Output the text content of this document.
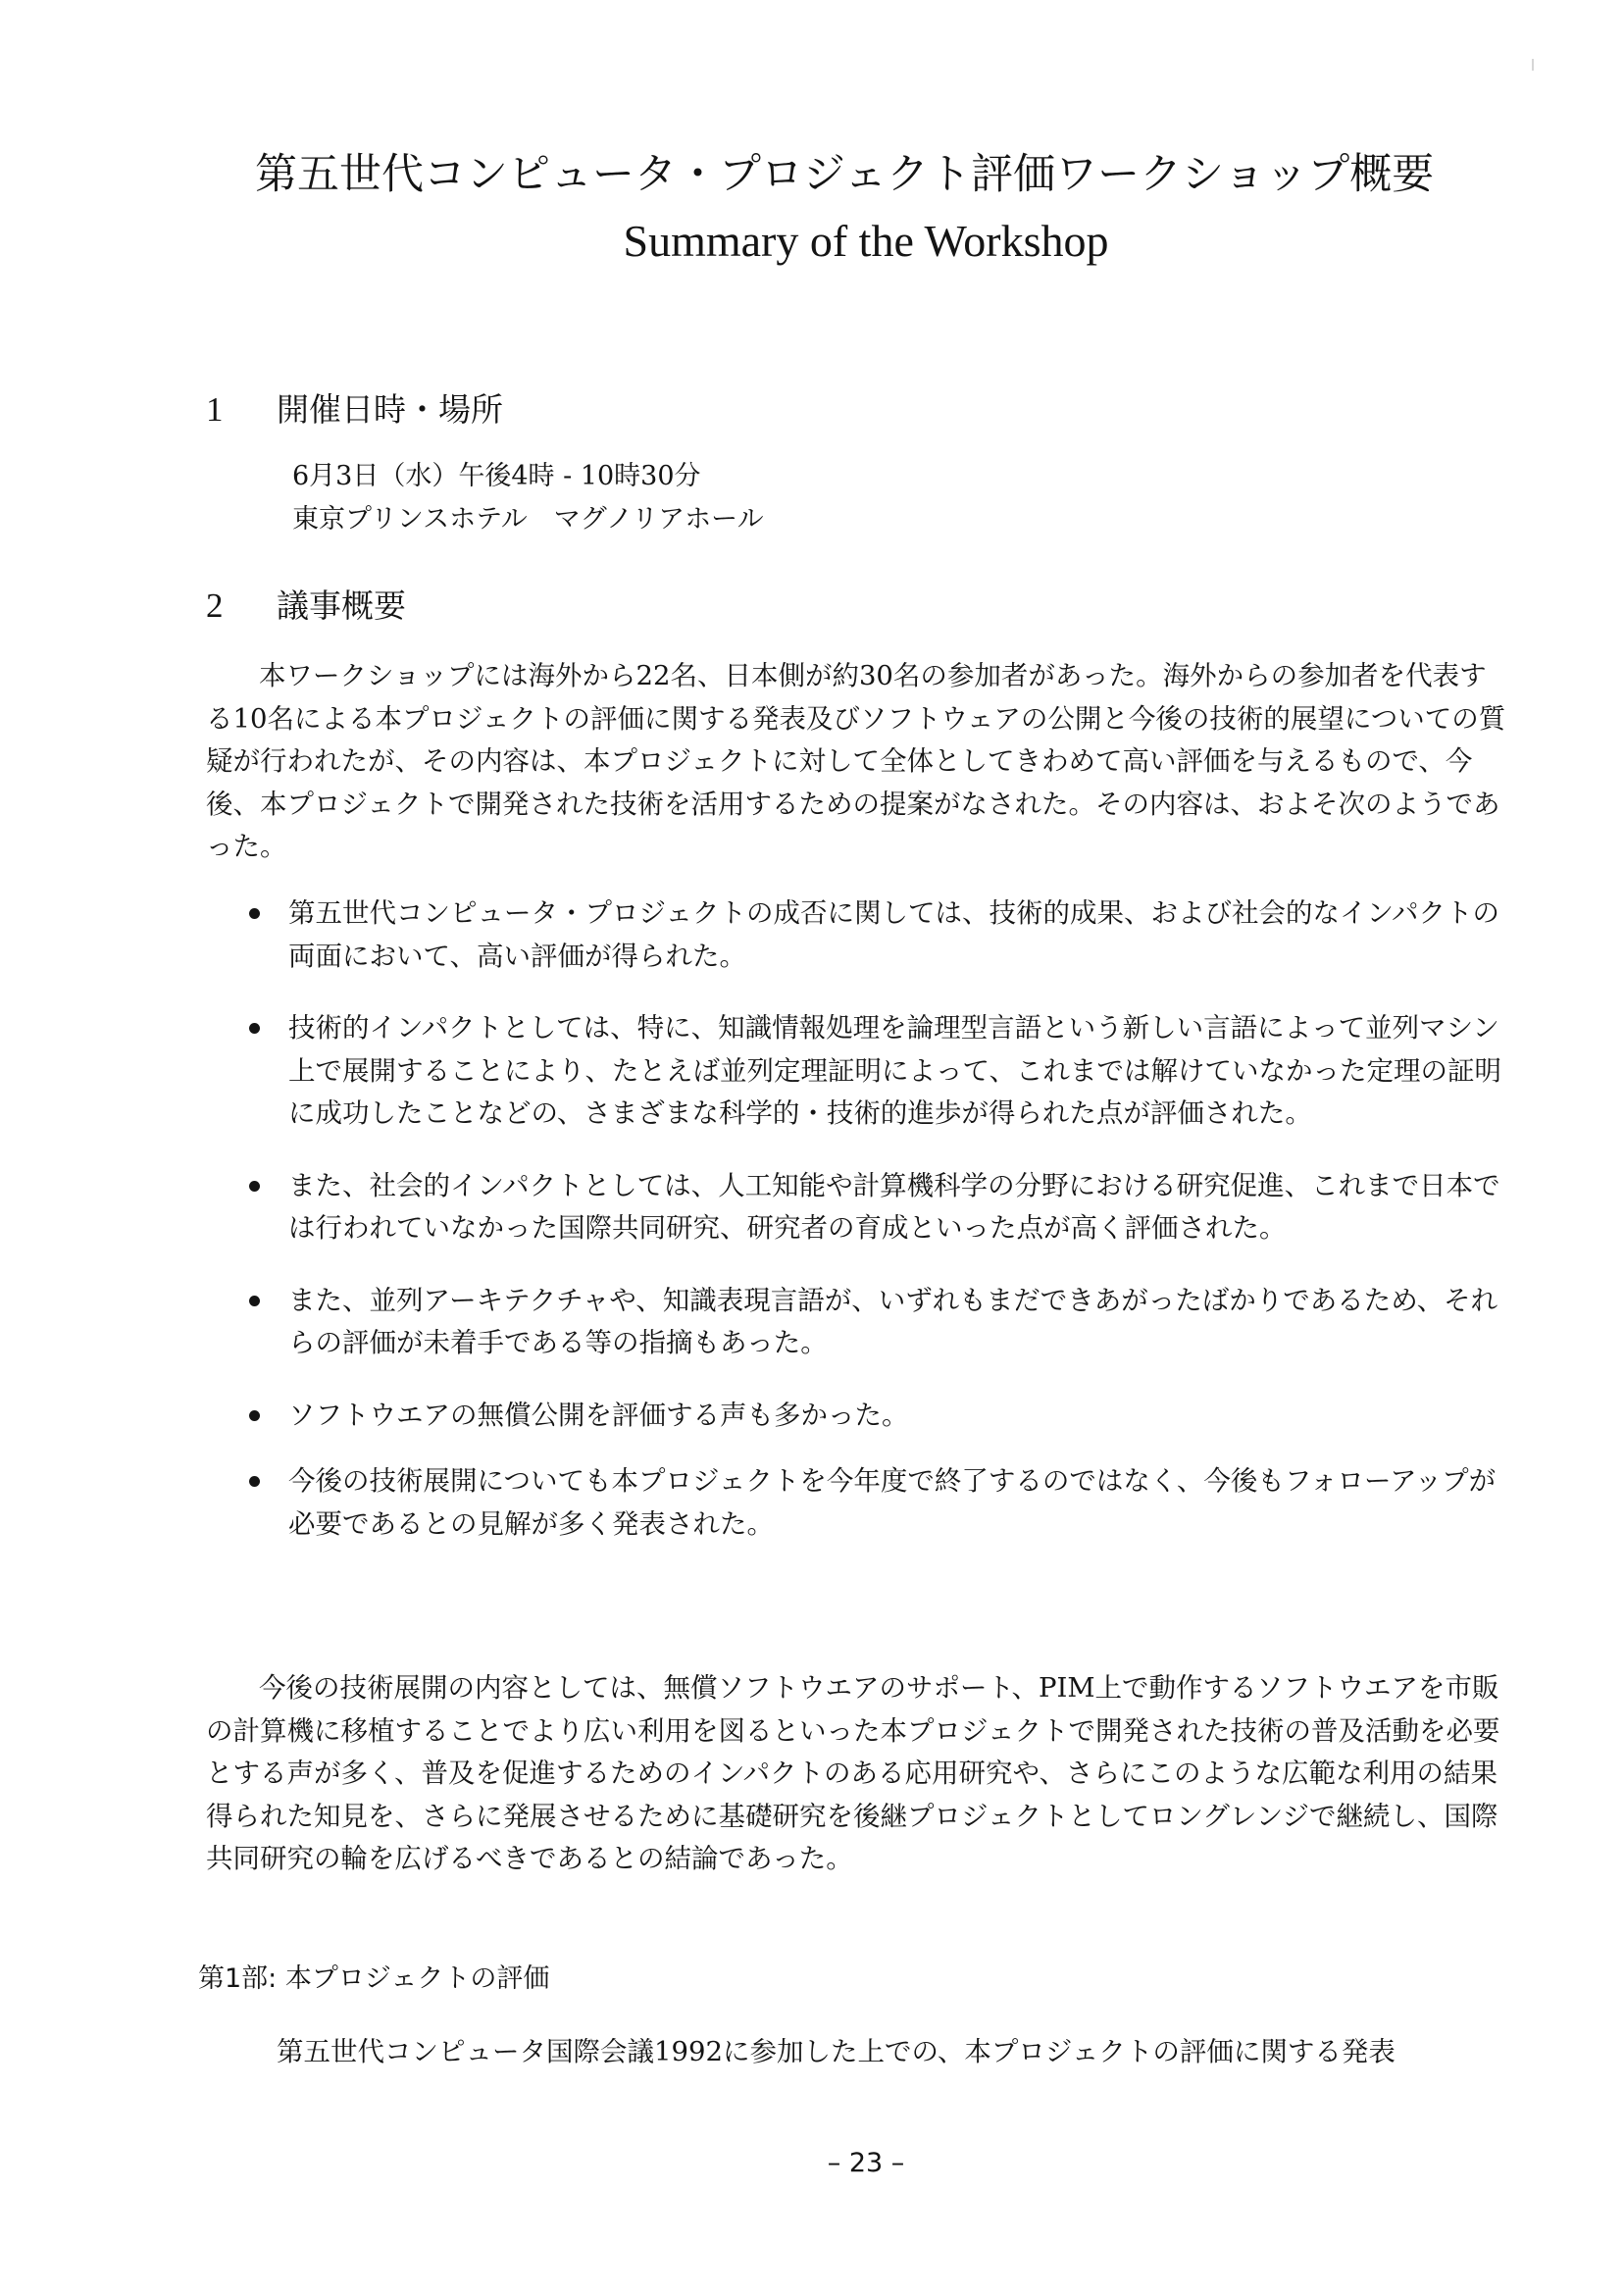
第五世代コンピュータ・プロジェクト評価ワークショップ概要
Summary of the Workshop
1 開催日時・場所
6月3日（水）午後4時 - 10時30分
東京プリンスホテル　マグノリアホール
2 議事概要

本ワークショップには海外から22名、日本側が約30名の参加者があった。海外からの参加者を代表する10名による本プロジェクトの評価に関する発表及びソフトウェアの公開と今後の技術的展望についての質疑が行われたが、その内容は、本プロジェクトに対して全体としてきわめて高い評価を与えるもので、今後、本プロジェクトで開発された技術を活用するための提案がなされた。その内容は、およそ次のようであった。

第五世代コンピュータ・プロジェクトの成否に関しては、技術的成果、および社会的なインパクトの両面において、高い評価が得られた。
技術的インパクトとしては、特に、知識情報処理を論理型言語という新しい言語によって並列マシン上で展開することにより、たとえば並列定理証明によって、これまでは解けていなかった定理の証明に成功したことなどの、さまざまな科学的・技術的進歩が得られた点が評価された。
また、社会的インパクトとしては、人工知能や計算機科学の分野における研究促進、これまで日本では行われていなかった国際共同研究、研究者の育成といった点が高く評価された。
また、並列アーキテクチャや、知識表現言語が、いずれもまだできあがったばかりであるため、それらの評価が未着手である等の指摘もあった。
ソフトウエアの無償公開を評価する声も多かった。
今後の技術展開についても本プロジェクトを今年度で終了するのではなく、今後もフォローアップが必要であるとの見解が多く発表された。

今後の技術展開の内容としては、無償ソフトウエアのサポート、PIM上で動作するソフトウエアを市販の計算機に移植することでより広い利用を図るといった本プロジェクトで開発された技術の普及活動を必要とする声が多く、普及を促進するためのインパクトのある応用研究や、さらにこのような広範な利用の結果得られた知見を、さらに発展させるために基礎研究を後継プロジェクトとしてロングレンジで継続し、国際共同研究の輪を広げるべきであるとの結論であった。

第1部: 本プロジェクトの評価

第五世代コンピュータ国際会議1992に参加した上での、本プロジェクトの評価に関する発表

– 23 –
